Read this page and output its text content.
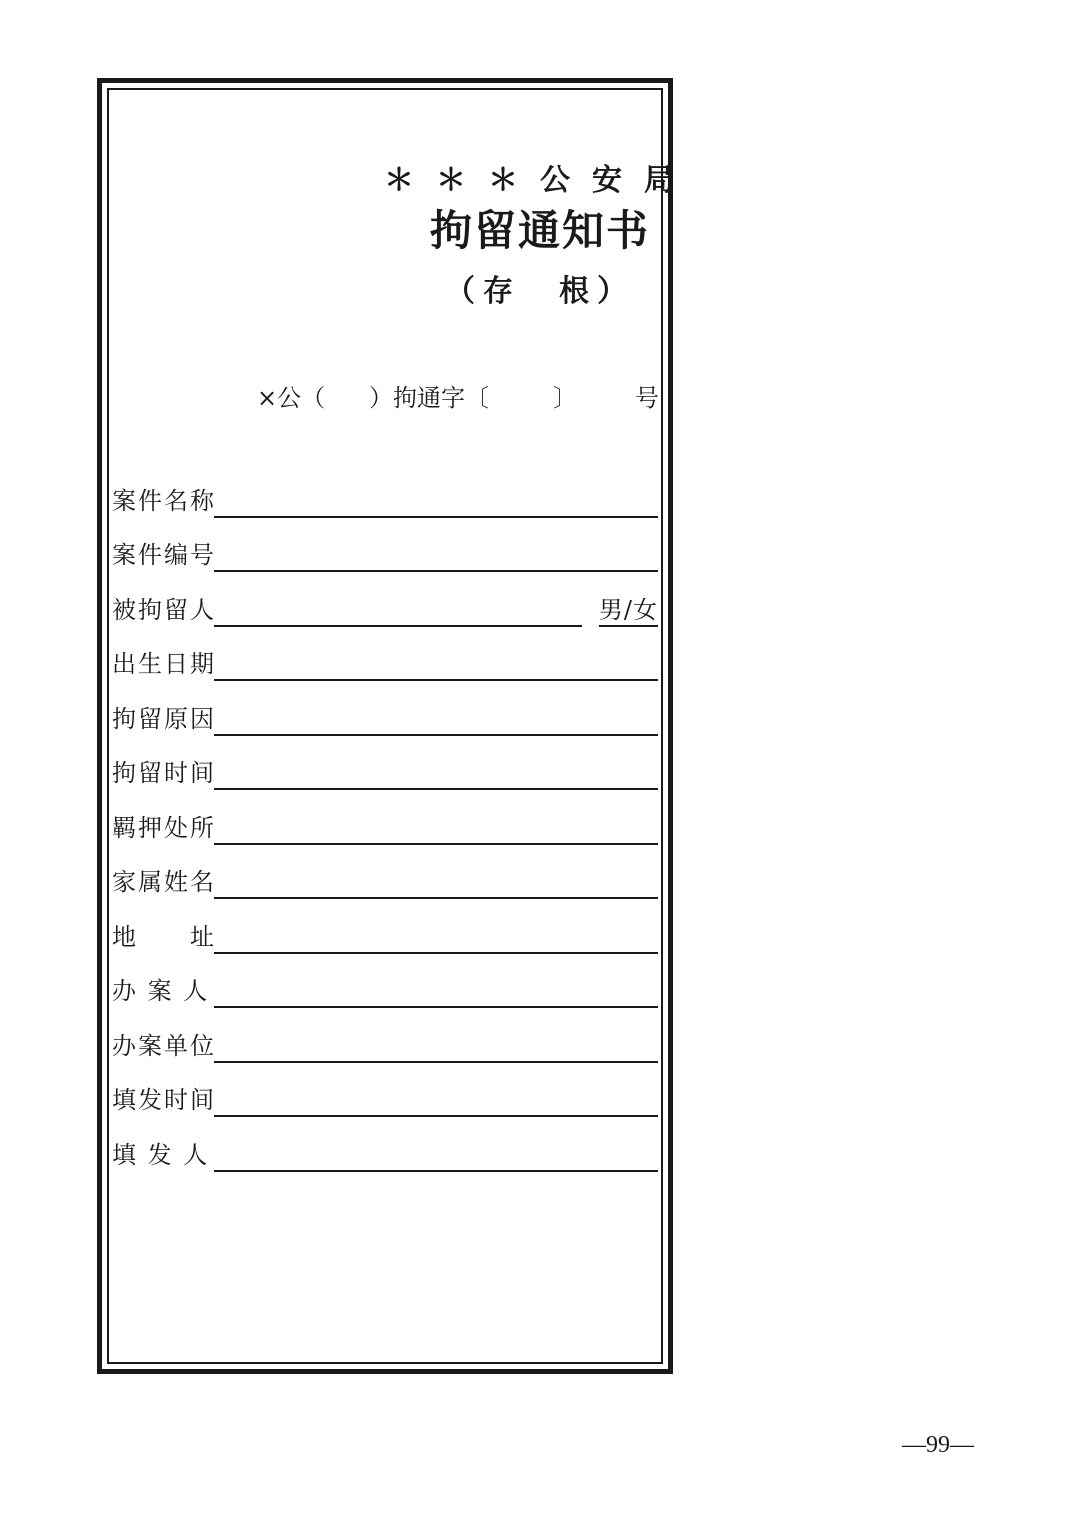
＊＊＊公安局
拘留通知书
（存　根）
×公（ ）拘通字〔	〕 号
案件名称
案件编号
被拘留人	男/女
出生日期
拘留原因
拘留时间
羁押处所
家属姓名
地　　址
办 案 人
办案单位
填发时间
填 发 人
—99—
